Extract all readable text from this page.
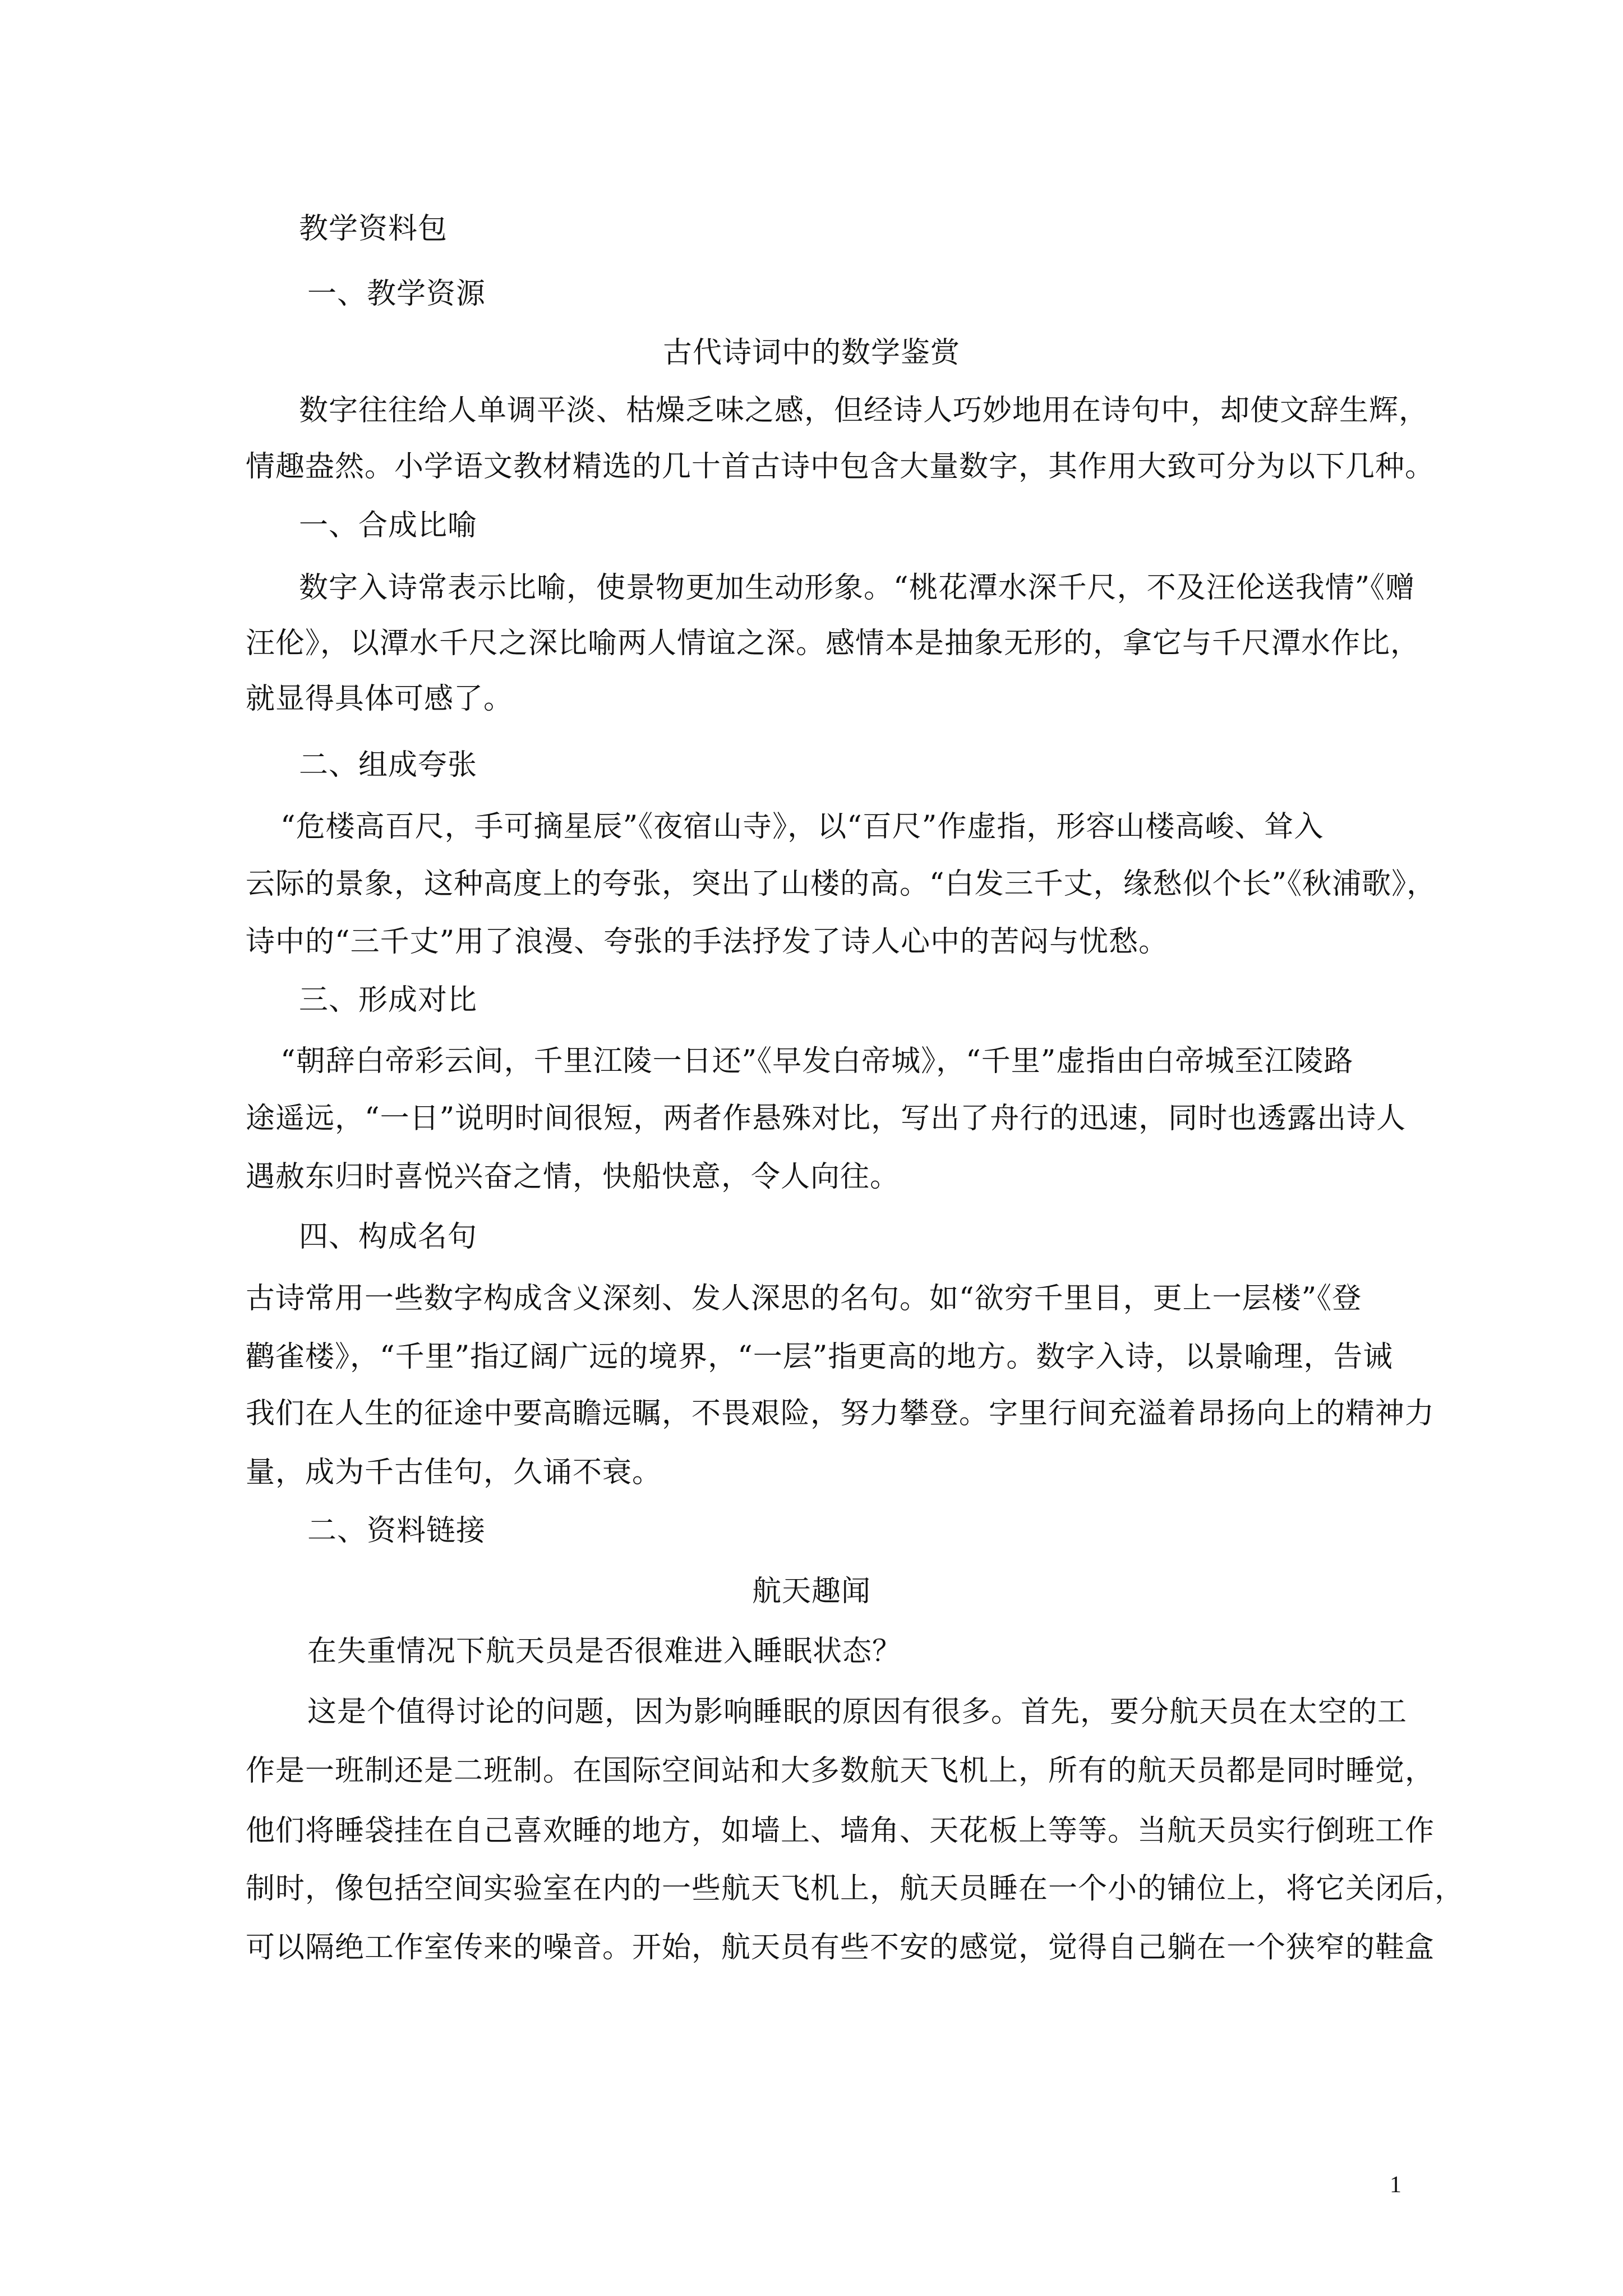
教学资料包
一、教学资源
古代诗词中的数学鉴赏
数字往往给人单调平淡、枯燥乏味之感，但经诗人巧妙地用在诗句中，却使文辞生辉，
情趣盎然。小学语文教材精选的几十首古诗中包含大量数字，其作用大致可分为以下几种。
一、合成比喻
数字入诗常表示比喻，使景物更加生动形象。“桃花潭水深千尺，不及汪伦送我情”《赠
汪伦》，以潭水千尺之深比喻两人情谊之深。感情本是抽象无形的，拿它与千尺潭水作比，
就显得具体可感了。
二、组成夸张
“危楼高百尺，手可摘星辰”《夜宿山寺》，以“百尺”作虚指，形容山楼高峻、耸入
云际的景象，这种高度上的夸张，突出了山楼的高。“白发三千丈，缘愁似个长”《秋浦歌》，
诗中的“三千丈”用了浪漫、夸张的手法抒发了诗人心中的苦闷与忧愁。
三、形成对比
“朝辞白帝彩云间，千里江陵一日还”《早发白帝城》，“千里”虚指由白帝城至江陵路
途遥远，“一日”说明时间很短，两者作悬殊对比，写出了舟行的迅速，同时也透露出诗人
遇赦东归时喜悦兴奋之情，快船快意，令人向往。
四、构成名句
古诗常用一些数字构成含义深刻、发人深思的名句。如“欲穷千里目，更上一层楼”《登
鹳雀楼》，“千里”指辽阔广远的境界，“一层”指更高的地方。数字入诗，以景喻理，告诫
我们在人生的征途中要高瞻远瞩，不畏艰险，努力攀登。字里行间充溢着昂扬向上的精神力
量，成为千古佳句，久诵不衰。
二、资料链接
航天趣闻
在失重情况下航天员是否很难进入睡眠状态？
这是个值得讨论的问题，因为影响睡眠的原因有很多。首先，要分航天员在太空的工
作是一班制还是二班制。在国际空间站和大多数航天飞机上，所有的航天员都是同时睡觉，
他们将睡袋挂在自己喜欢睡的地方，如墙上、墙角、天花板上等等。当航天员实行倒班工作
制时，像包括空间实验室在内的一些航天飞机上，航天员睡在一个小的铺位上，将它关闭后，
可以隔绝工作室传来的噪音。开始，航天员有些不安的感觉，觉得自己躺在一个狭窄的鞋盒
1
